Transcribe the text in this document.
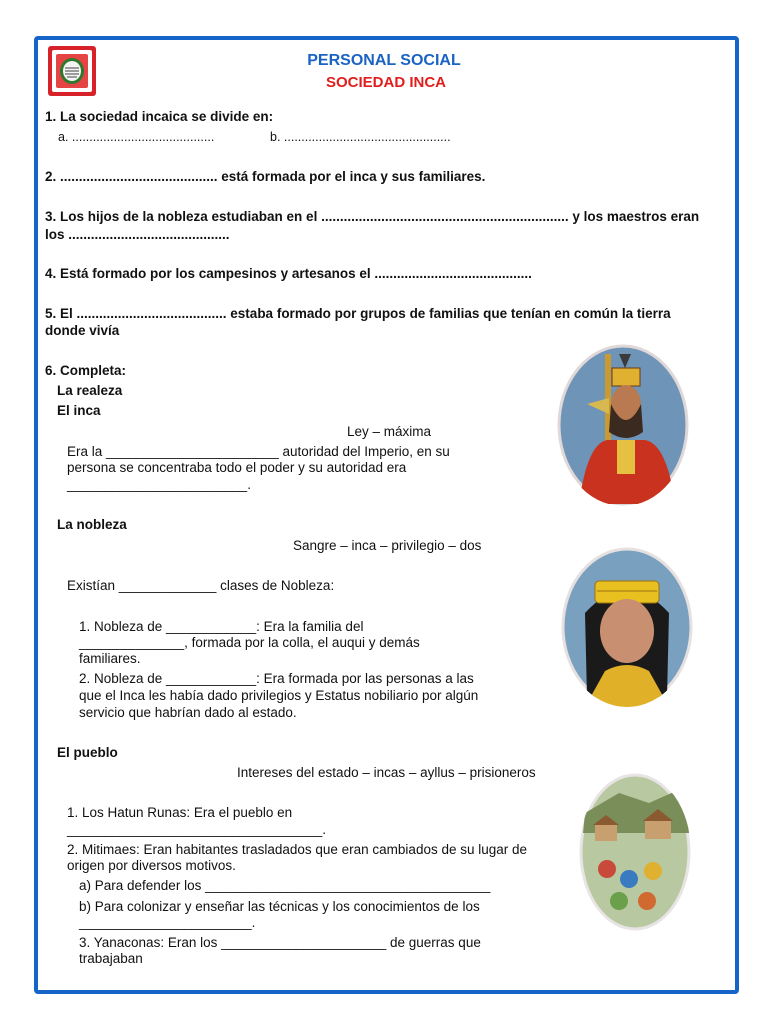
PERSONAL SOCIAL
SOCIEDAD INCA
1. La sociedad incaica se divide en:
a. .........................................	b. ................................................
2. .......................................... está formada por el inca y sus familiares.
3. Los hijos de la nobleza estudiaban en el .................................................................. y los maestros eran
los ...........................................
4. Está formado por los campesinos y artesanos el ..........................................
5. El ........................................ estaba formado por grupos de familias que tenían en común la tierra
donde vivía
6. Completa:
La realeza
El inca
Ley – máxima
Era la _______________________ autoridad del Imperio, en su
persona se concentraba todo el poder y su autoridad era
________________________.
La nobleza
Sangre – inca – privilegio – dos
Existían _____________ clases de Nobleza:
1. Nobleza de ____________: Era la familia del
______________, formada por la colla, el auqui y demás
familiares.
2. Nobleza de ____________: Era formada por las personas a las
que el Inca les había dado privilegios y Estatus nobiliario por algún
servicio que habrían dado al estado.
El pueblo
Intereses del estado – incas – ayllus – prisioneros
1. Los Hatun Runas: Era el pueblo en
__________________________________.
2. Mitimaes: Eran habitantes trasladados que eran cambiados de su lugar de
origen por diversos motivos.
a) Para defender los ______________________________________
b) Para colonizar y enseñar las técnicas y los conocimientos de los
_______________________.
3. Yanaconas: Eran los ______________________ de guerras que
trabajaban
